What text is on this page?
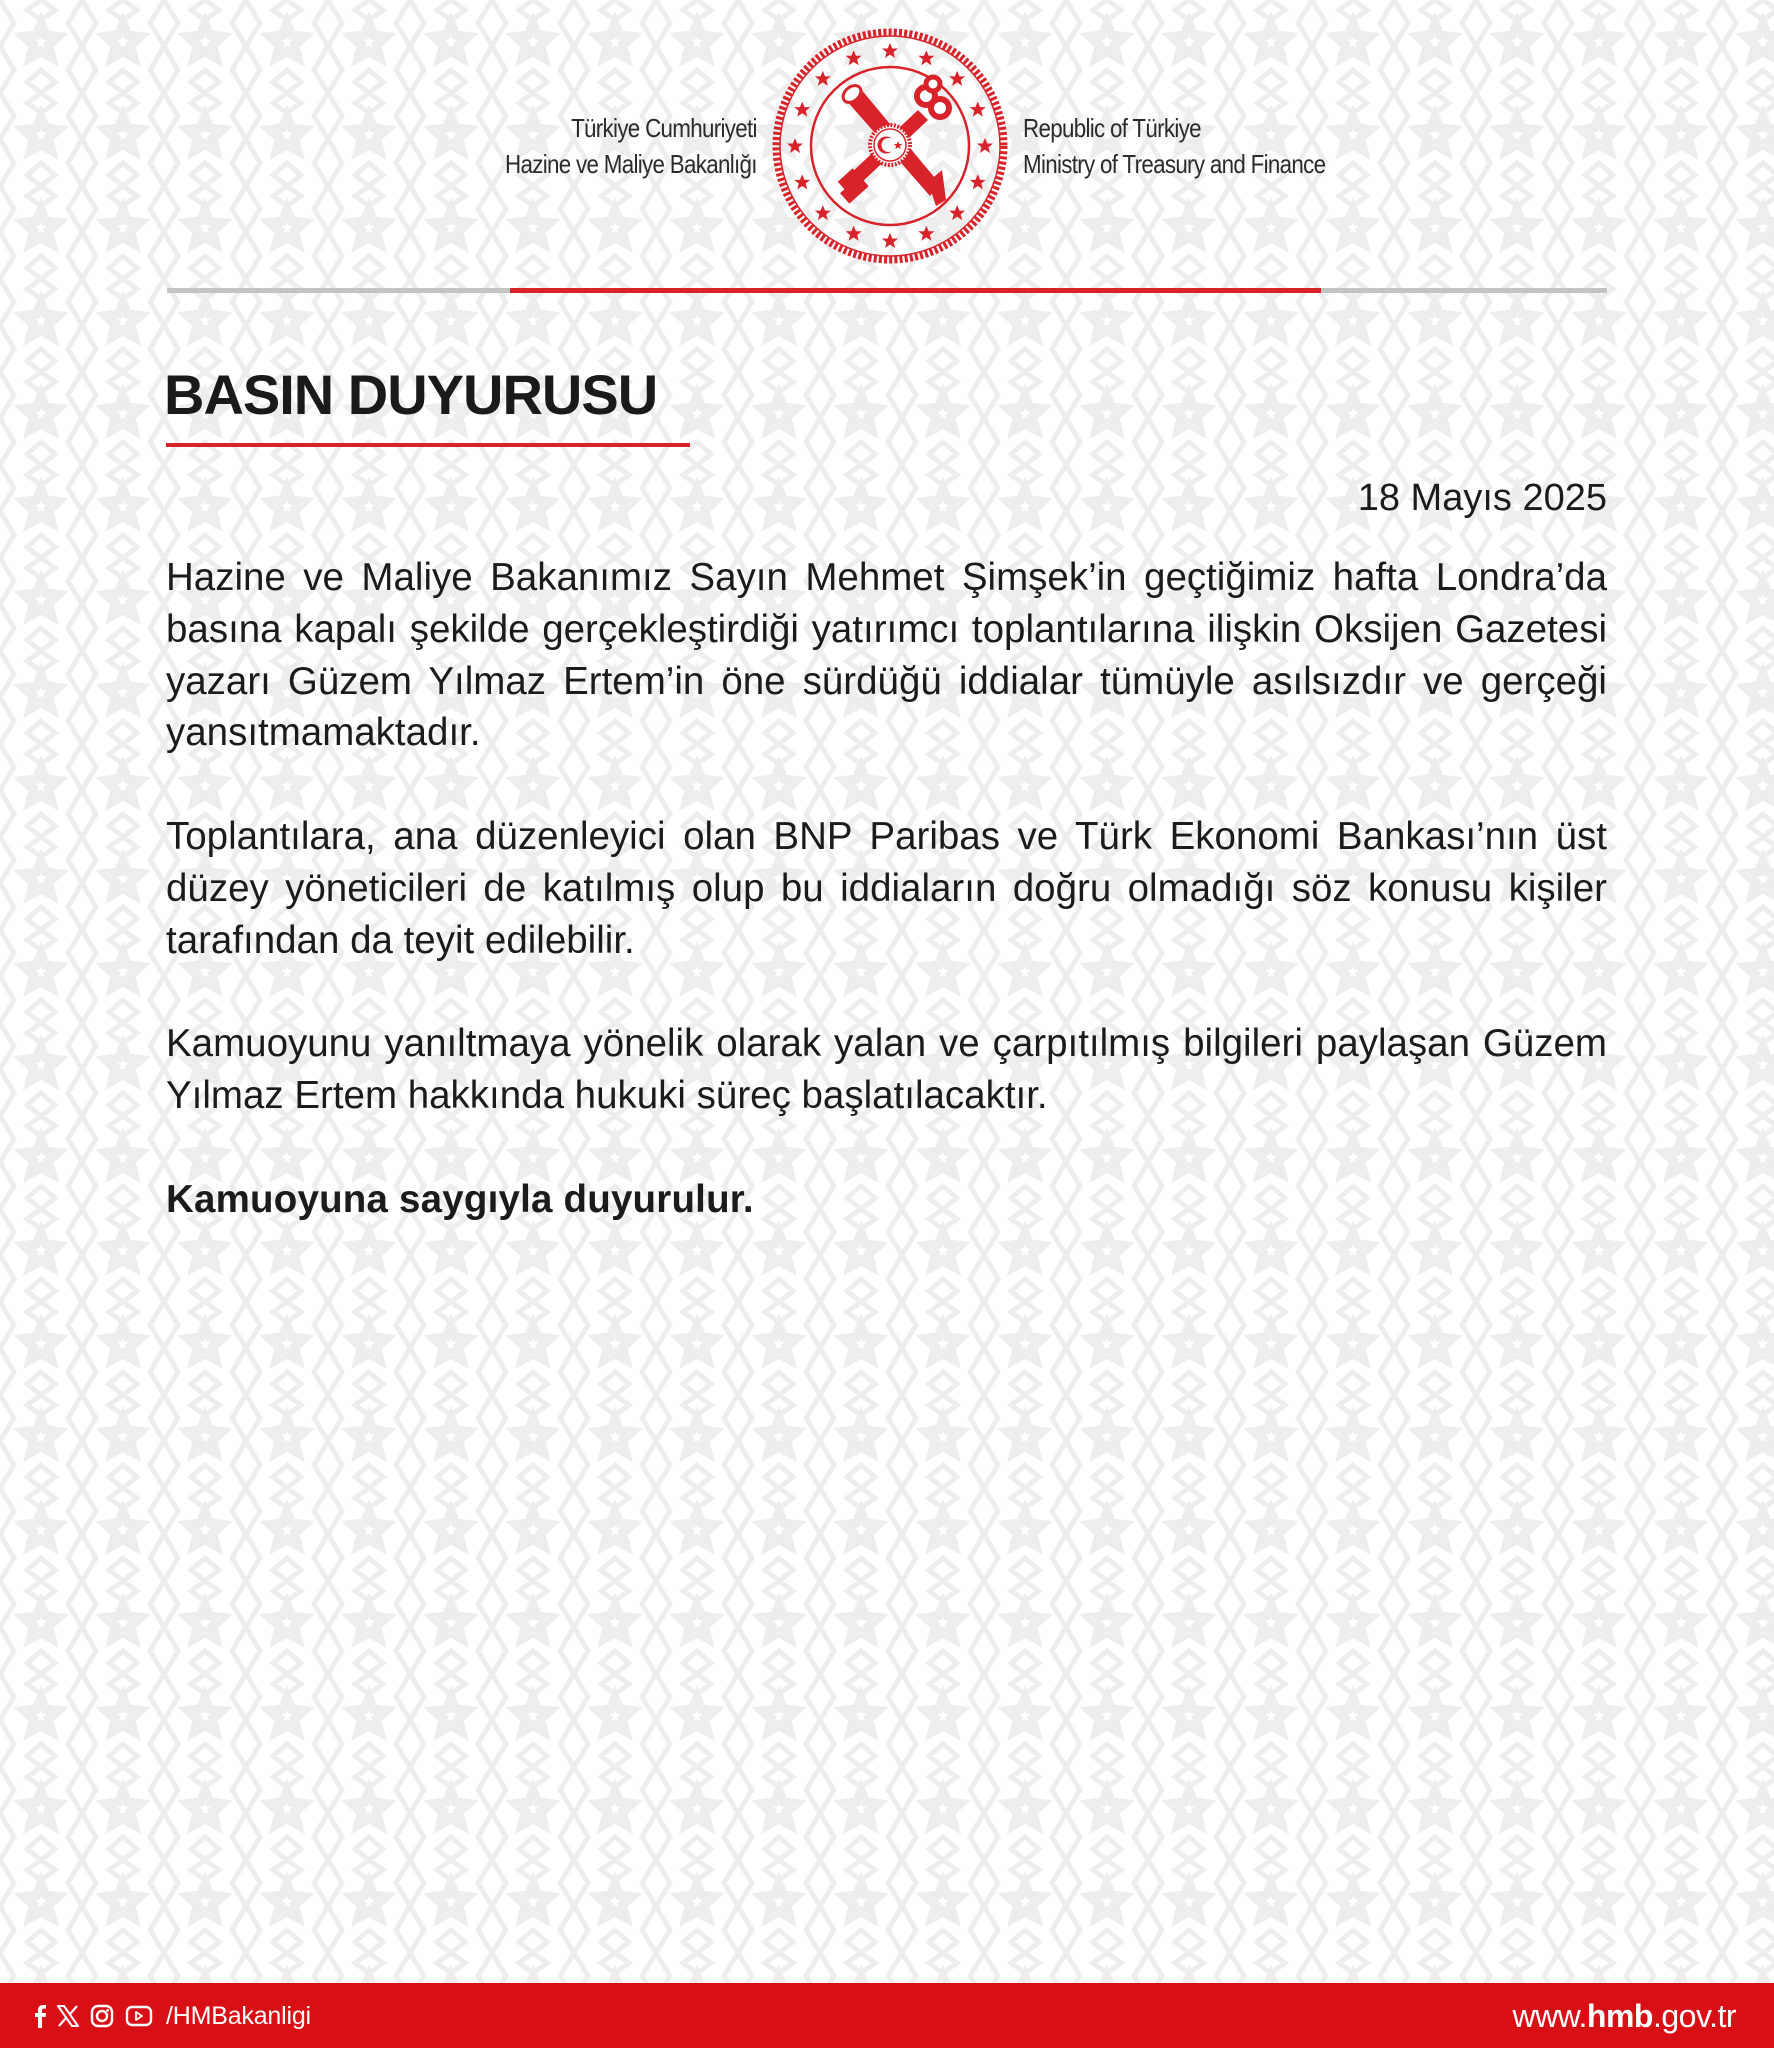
Türkiye Cumhuriyeti
Hazine ve Maliye Bakanlığı
Republic of Türkiye
Ministry of Treasury and Finance
BASIN DUYURUSU
18 Mayıs 2025

Hazine ve Maliye Bakanımız Sayın Mehmet Şimşek’in geçtiğimiz hafta Londra’da basına kapalı şekilde gerçekleştirdiği yatırımcı toplantılarına ilişkin Oksijen Gazetesi yazarı Güzem Yılmaz Ertem’in öne sürdüğü iddialar tümüyle asılsızdır ve gerçeği yansıtmamaktadır.

Toplantılara, ana düzenleyici olan BNP Paribas ve Türk Ekonomi Bankası’nın üst düzey yöneticileri de katılmış olup bu iddiaların doğru olmadığı söz konusu kişiler tarafından da teyit edilebilir.

Kamuoyunu yanıltmaya yönelik olarak yalan ve çarpıtılmış bilgileri paylaşan Güzem Yılmaz Ertem hakkında hukuki süreç başlatılacaktır.

Kamuoyuna saygıyla duyurulur.

/HMBakanligi	www.hmb.gov.tr
